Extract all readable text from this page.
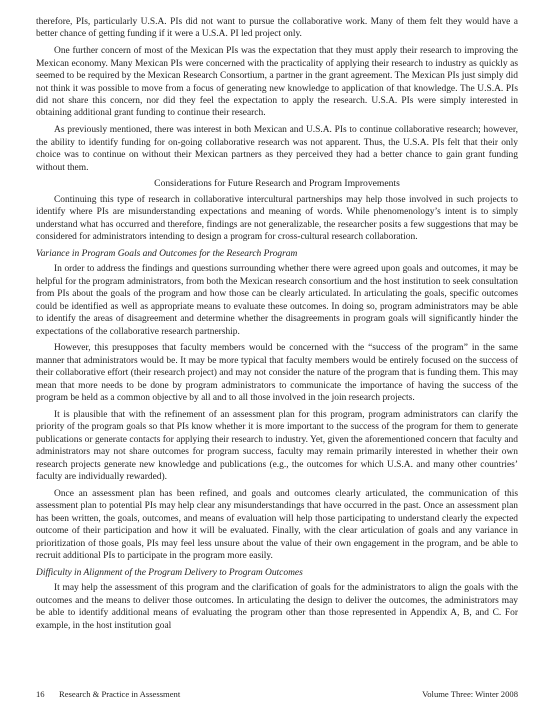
therefore, PIs, particularly U.S.A. PIs did not want to pursue the collaborative work. Many of them felt they would have a better chance of getting funding if it were a U.S.A. PI led project only.

One further concern of most of the Mexican PIs was the expectation that they must apply their research to improving the Mexican economy. Many Mexican PIs were concerned with the practicality of applying their research to industry as quickly as seemed to be required by the Mexican Research Consortium, a partner in the grant agreement. The Mexican PIs just simply did not think it was possible to move from a focus of generating new knowledge to application of that knowledge. The U.S.A. PIs did not share this concern, nor did they feel the expectation to apply the research. U.S.A. PIs were simply interested in obtaining additional grant funding to continue their research.

As previously mentioned, there was interest in both Mexican and U.S.A. PIs to continue collaborative research; however, the ability to identify funding for on-going collaborative research was not apparent. Thus, the U.S.A. PIs felt that their only choice was to continue on without their Mexican partners as they perceived they had a better chance to gain grant funding without them.

Considerations for Future Research and Program Improvements

Continuing this type of research in collaborative intercultural partnerships may help those involved in such projects to identify where PIs are misunderstanding expectations and meaning of words. While phenomenology’s intent is to simply understand what has occurred and therefore, findings are not generalizable, the researcher posits a few suggestions that may be considered for administrators intending to design a program for cross-cultural research collaboration.

Variance in Program Goals and Outcomes for the Research Program

In order to address the findings and questions surrounding whether there were agreed upon goals and outcomes, it may be helpful for the program administrators, from both the Mexican research consortium and the host institution to seek consultation from PIs about the goals of the program and how those can be clearly articulated. In articulating the goals, specific outcomes could be identified as well as appropriate means to evaluate these outcomes. In doing so, program administrators may be able to identify the areas of disagreement and determine whether the disagreements in program goals will significantly hinder the expectations of the collaborative research partnership.

However, this presupposes that faculty members would be concerned with the “success of the program” in the same manner that administrators would be. It may be more typical that faculty members would be entirely focused on the success of their collaborative effort (their research project) and may not consider the nature of the program that is funding them. This may mean that more needs to be done by program administrators to communicate the importance of having the success of the program be held as a common objective by all and to all those involved in the join research projects.

It is plausible that with the refinement of an assessment plan for this program, program administrators can clarify the priority of the program goals so that PIs know whether it is more important to the success of the program for them to generate publications or generate contacts for applying their research to industry. Yet, given the aforementioned concern that faculty and administrators may not share outcomes for program success, faculty may remain primarily interested in whether their own research projects generate new knowledge and publications (e.g., the outcomes for which U.S.A. and many other countries’ faculty are individually rewarded).

Once an assessment plan has been refined, and goals and outcomes clearly articulated, the communication of this assessment plan to potential PIs may help clear any misunderstandings that have occurred in the past. Once an assessment plan has been written, the goals, outcomes, and means of evaluation will help those participating to understand clearly the expected outcome of their participation and how it will be evaluated. Finally, with the clear articulation of goals and any variance in prioritization of those goals, PIs may feel less unsure about the value of their own engagement in the program, and be able to recruit additional PIs to participate in the program more easily.

Difficulty in Alignment of the Program Delivery to Program Outcomes

It may help the assessment of this program and the clarification of goals for the administrators to align the goals with the outcomes and the means to deliver those outcomes. In articulating the design to deliver the outcomes, the administrators may be able to identify additional means of evaluating the program other than those represented in Appendix A, B, and C. For example, in the host institution goal

16 Research & Practice in Assessment	Volume Three: Winter 2008
